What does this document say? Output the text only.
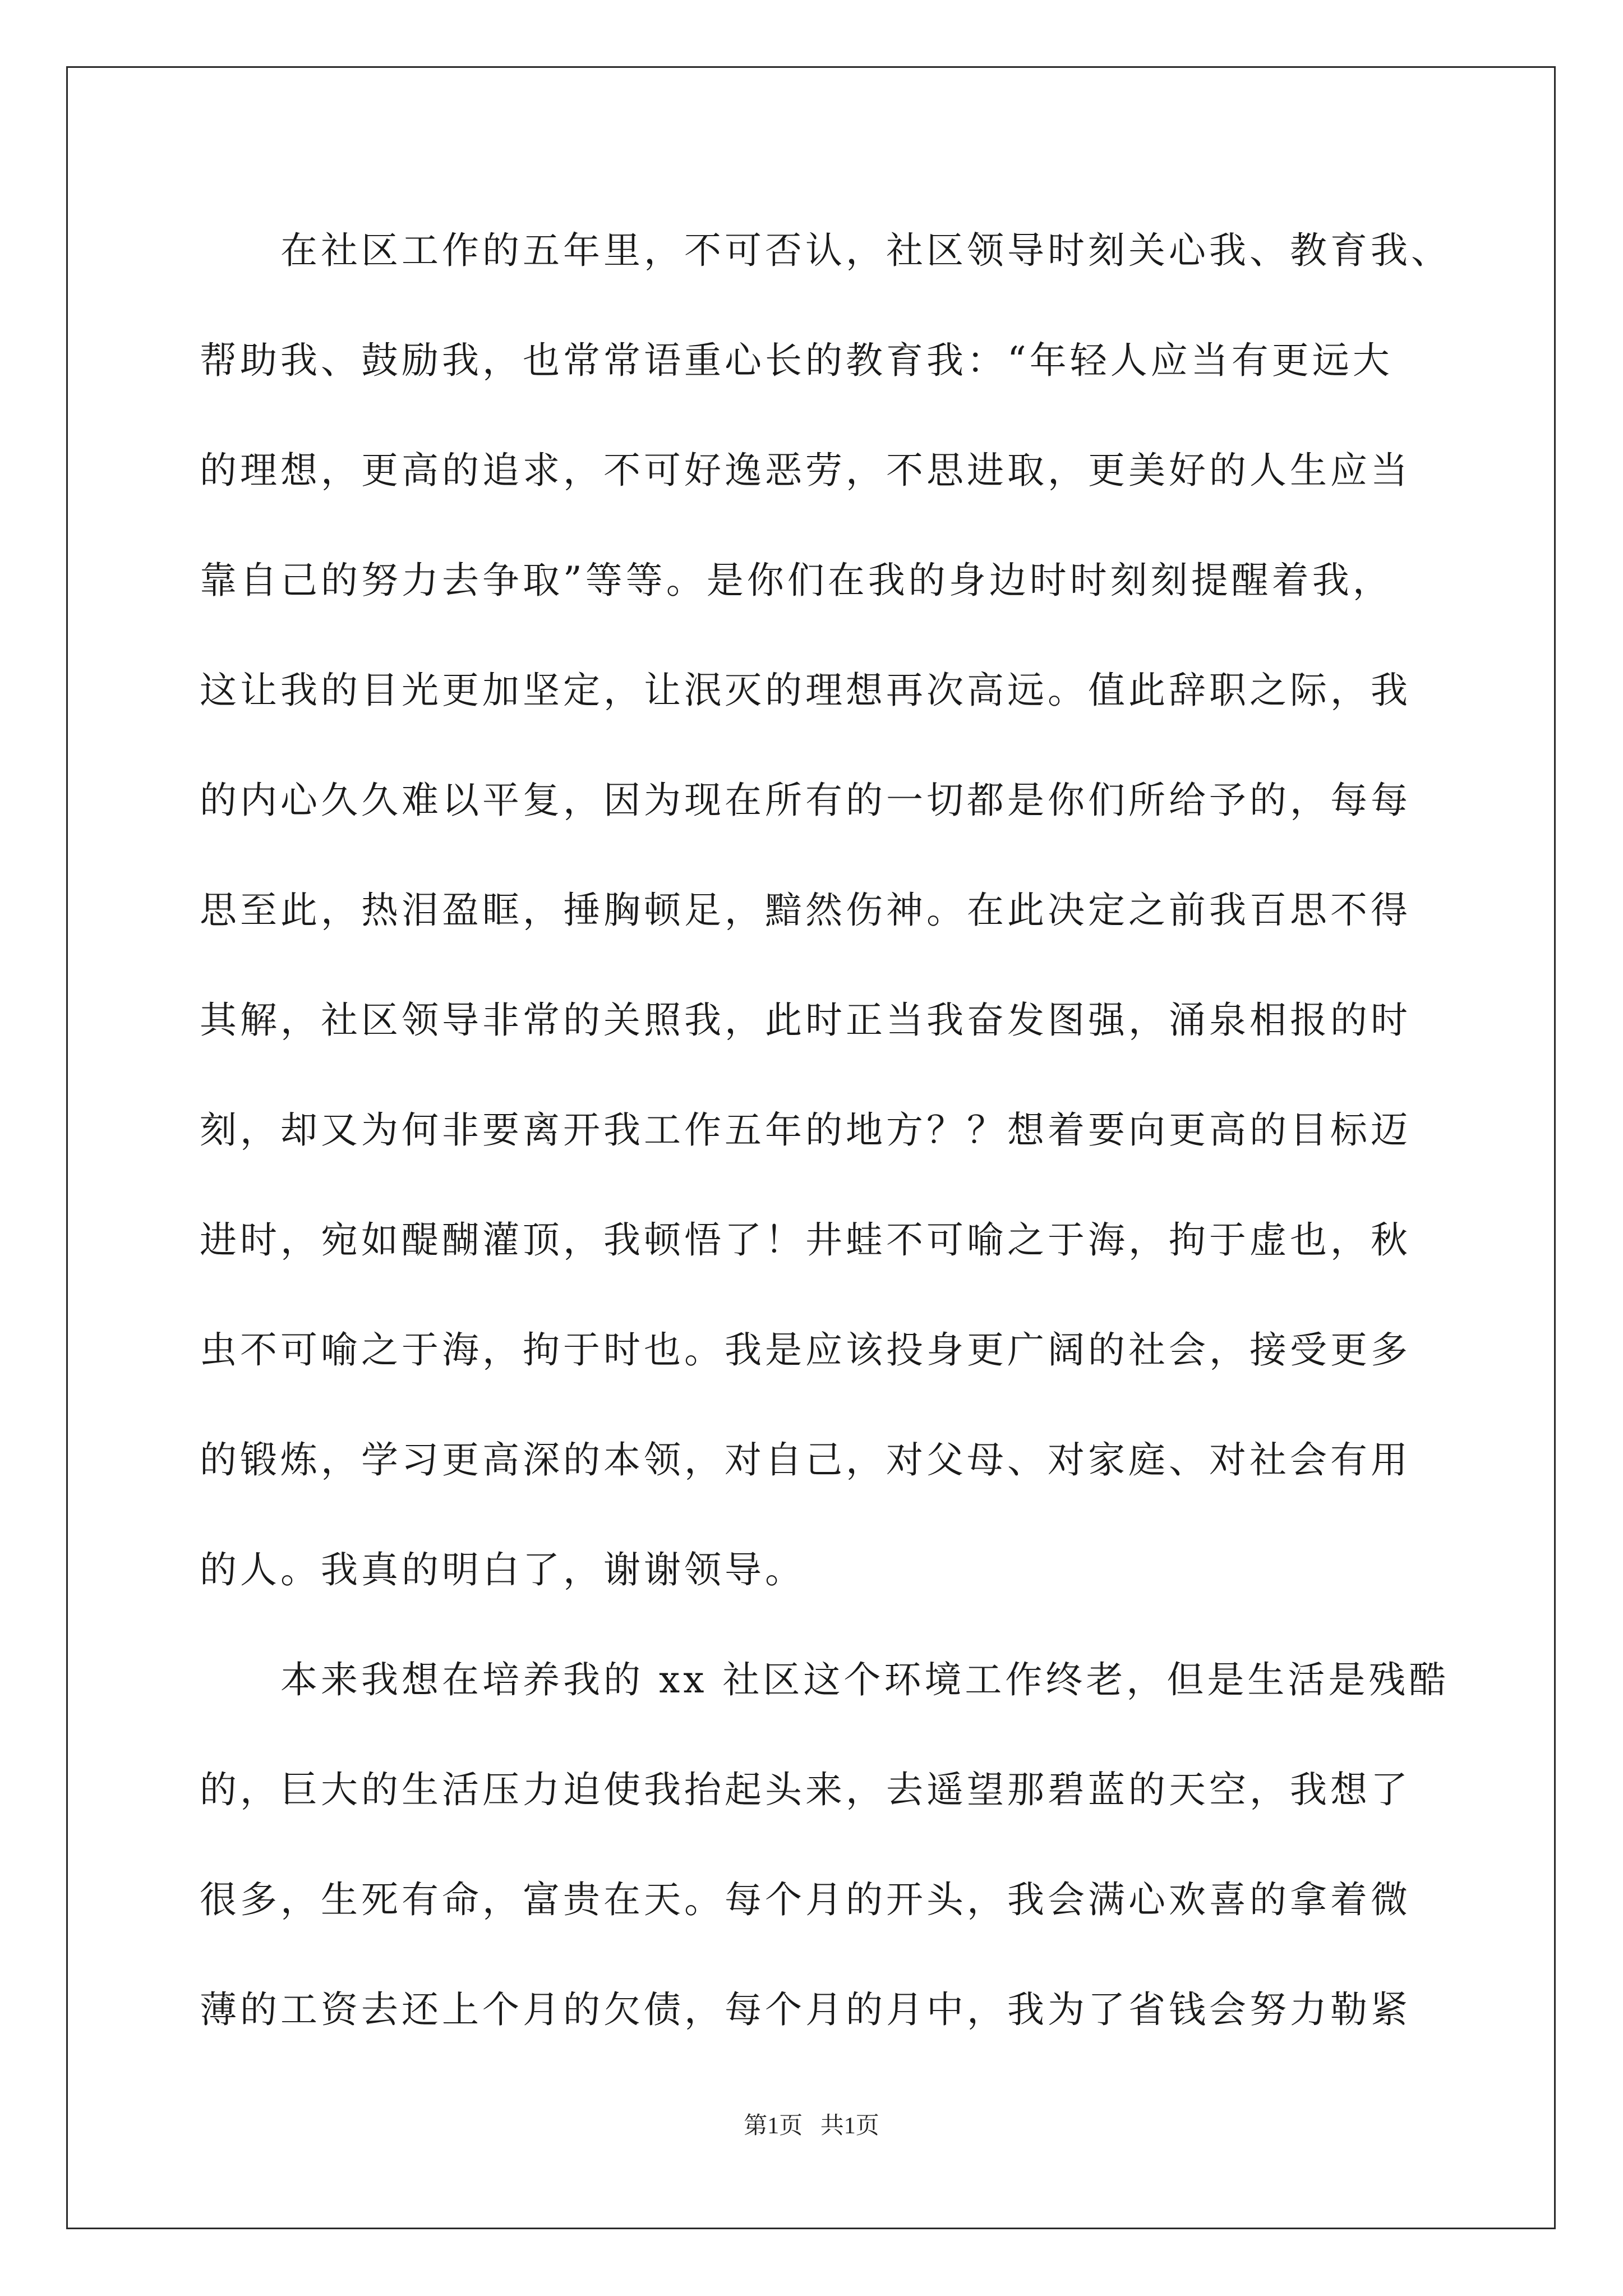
　　在社区工作的五年里，不可否认，社区领导时刻关心我、教育我、
帮助我、鼓励我，也常常语重心长的教育我：“年轻人应当有更远大
的理想，更高的追求，不可好逸恶劳，不思进取，更美好的人生应当
靠自己的努力去争取”等等。是你们在我的身边时时刻刻提醒着我，
这让我的目光更加坚定，让泯灭的理想再次高远。值此辞职之际，我
的内心久久难以平复，因为现在所有的一切都是你们所给予的，每每
思至此，热泪盈眶，捶胸顿足，黯然伤神。在此决定之前我百思不得
其解，社区领导非常的关照我，此时正当我奋发图强，涌泉相报的时
刻，却又为何非要离开我工作五年的地方？？想着要向更高的目标迈
进时，宛如醍醐灌顶，我顿悟了！井蛙不可喻之于海，拘于虚也，秋
虫不可喻之于海，拘于时也。我是应该投身更广阔的社会，接受更多
的锻炼，学习更高深的本领，对自己，对父母、对家庭、对社会有用
的人。我真的明白了，谢谢领导。
　　本来我想在培养我的 xx 社区这个环境工作终老，但是生活是残酷
的，巨大的生活压力迫使我抬起头来，去遥望那碧蓝的天空，我想了
很多，生死有命，富贵在天。每个月的开头，我会满心欢喜的拿着微
薄的工资去还上个月的欠债，每个月的月中，我为了省钱会努力勒紧
第1页 共1页
